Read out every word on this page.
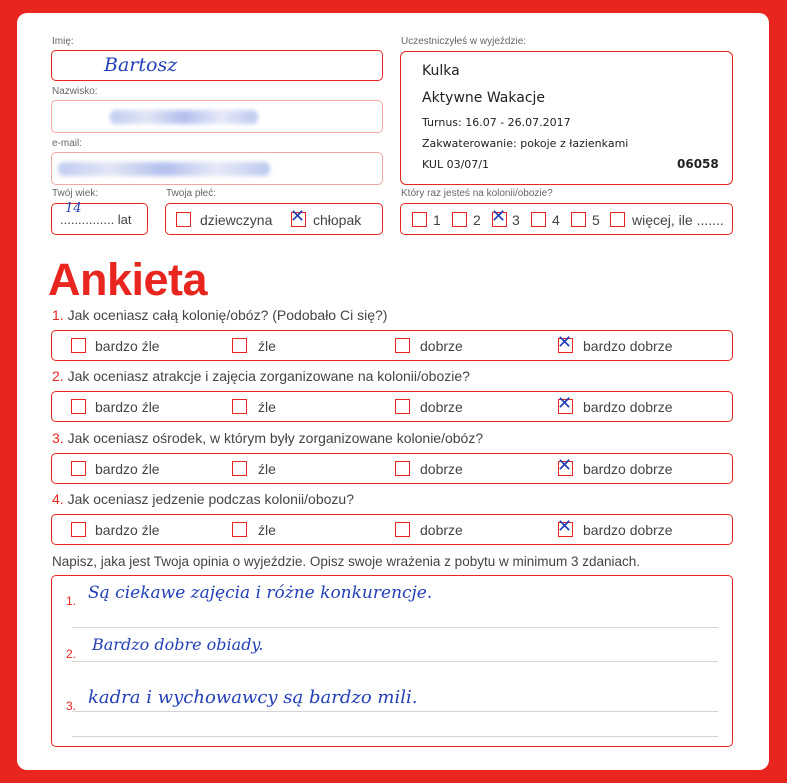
Imię:
Bartosz
Nazwisko:
e-mail:
Twój wiek:
14
............... lat
Twoja płeć:
dziewczyna ✕ chłopak
Uczestniczyłeś w wyjeździe:
Kulka
Aktywne Wakacje
Turnus: 16.07 - 26.07.2017
Zakwaterowanie: pokoje z łazienkami
KUL 03/07/1	06058
Który raz jesteś na kolonii/obozie?
1 2 ✕ 3 4 5 więcej, ile .......
Ankieta
1. Jak oceniasz całą kolonię/obóz? (Podobało Ci się?)
bardzo źle	źle	dobrze	✕ bardzo dobrze
2. Jak oceniasz atrakcje i zajęcia zorganizowane na kolonii/obozie?
bardzo źle	źle	dobrze	✕ bardzo dobrze
3. Jak oceniasz ośrodek, w którym były zorganizowane kolonie/obóz?
bardzo źle	źle	dobrze	✕ bardzo dobrze
4. Jak oceniasz jedzenie podczas kolonii/obozu?
bardzo źle	źle	dobrze	✕ bardzo dobrze
Napisz, jaka jest Twoja opinia o wyjeździe. Opisz swoje wrażenia z pobytu w minimum 3 zdaniach.
1. Są ciekawe zajęcia i różne konkurencje.
2. Bardzo dobre obiady.
3. kadra i wychowawcy są bardzo mili.
